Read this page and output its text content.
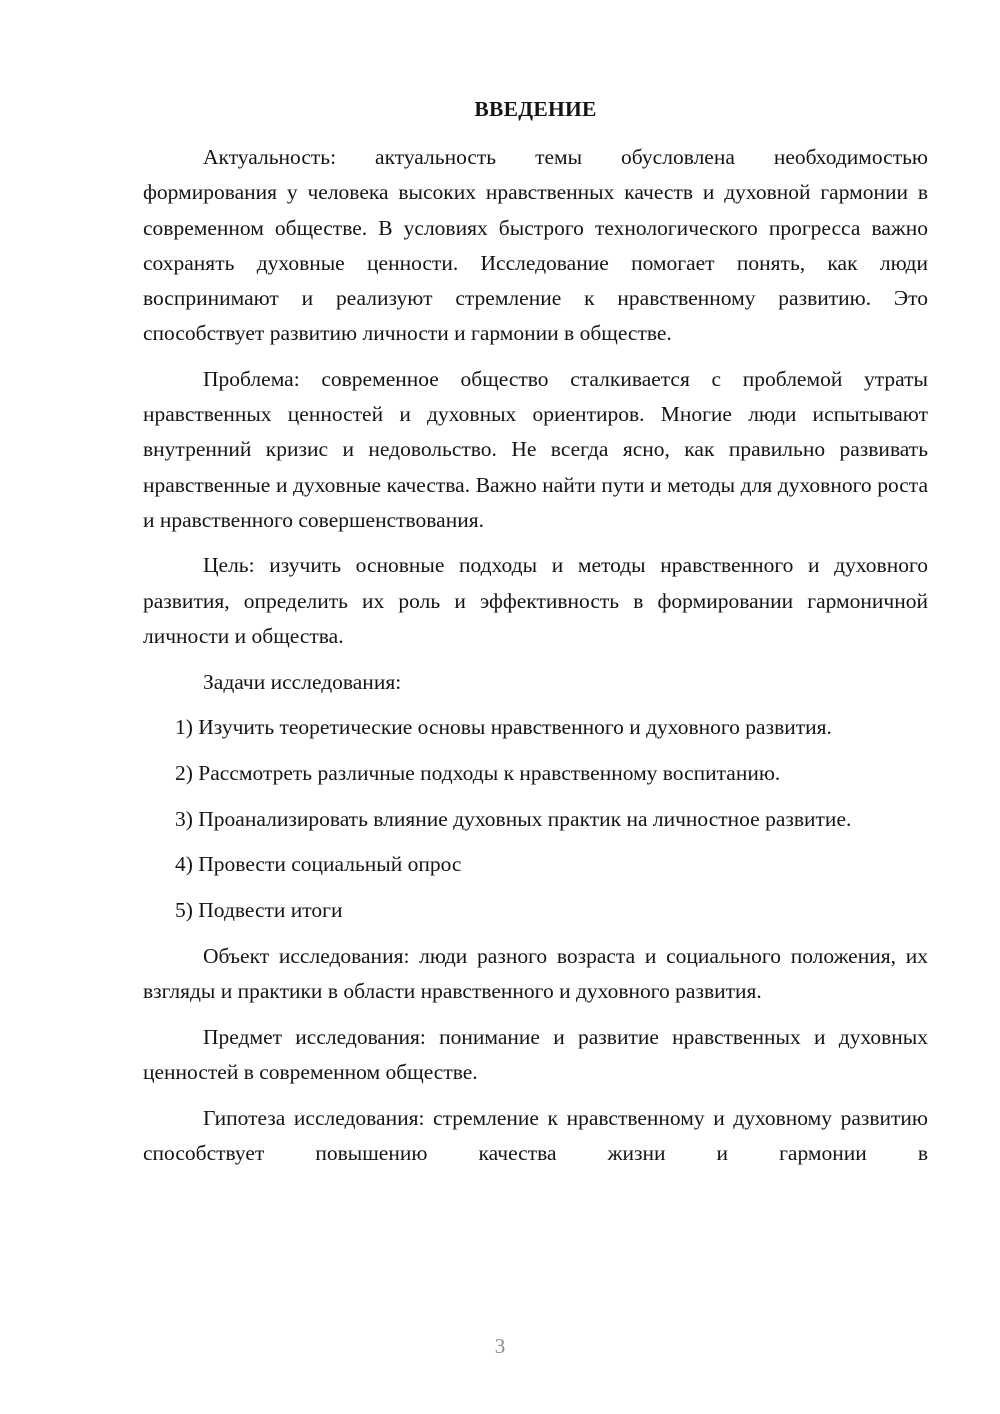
ВВЕДЕНИЕ

Актуальность: актуальность темы обусловлена необходимостью формирования у человека высоких нравственных качеств и духовной гармонии в современном обществе. В условиях быстрого технологического прогресса важно сохранять духовные ценности. Исследование помогает понять, как люди воспринимают и реализуют стремление к нравственному развитию. Это способствует развитию личности и гармонии в обществе.

Проблема: современное общество сталкивается с проблемой утраты нравственных ценностей и духовных ориентиров. Многие люди испытывают внутренний кризис и недовольство. Не всегда ясно, как правильно развивать нравственные и духовные качества. Важно найти пути и методы для духовного роста и нравственного совершенствования.

Цель: изучить основные подходы и методы нравственного и духовного развития, определить их роль и эффективность в формировании гармоничной личности и общества.

Задачи исследования:

1) Изучить теоретические основы нравственного и духовного развития.

2) Рассмотреть различные подходы к нравственному воспитанию.

3) Проанализировать влияние духовных практик на личностное развитие.

4) Провести социальный опрос

5) Подвести итоги

Объект исследования: люди разного возраста и социального положения, их взгляды и практики в области нравственного и духовного развития.

Предмет исследования: понимание и развитие нравственных и духовных ценностей в современном обществе.

Гипотеза исследования: стремление к нравственному и духовному развитию способствует повышению качества жизни и гармонии в

3
